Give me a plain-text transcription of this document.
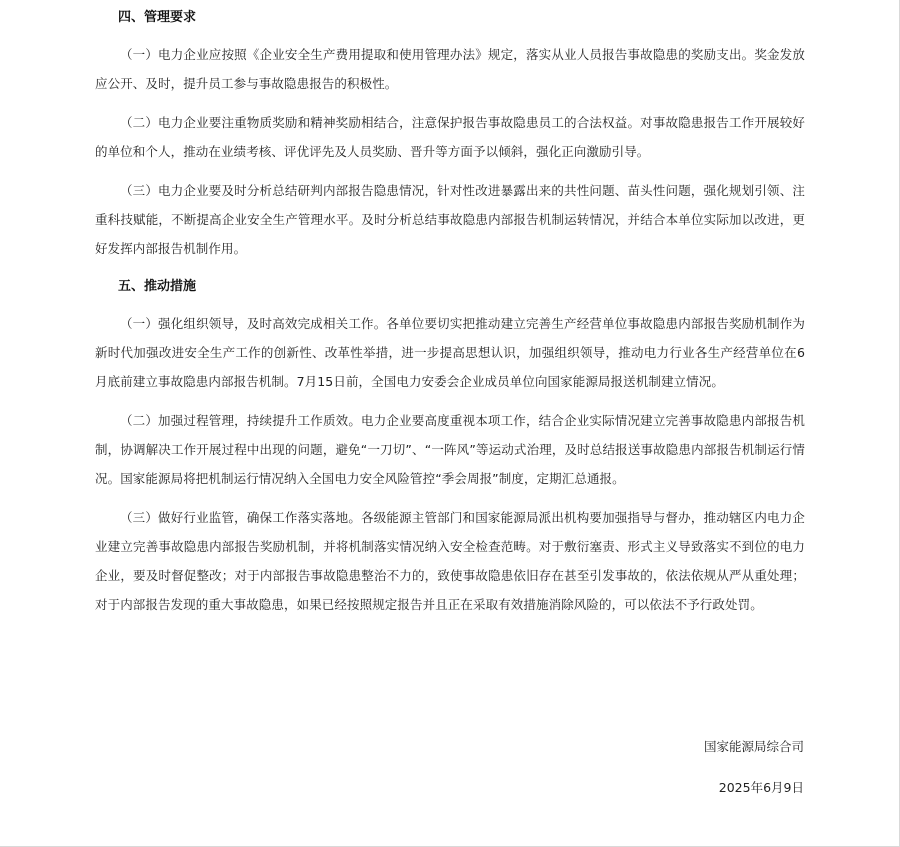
四、管理要求

（一）电力企业应按照《企业安全生产费用提取和使用管理办法》规定，落实从业人员报告事故隐患的奖励支出。奖金发放应公开、及时，提升员工参与事故隐患报告的积极性。

（二）电力企业要注重物质奖励和精神奖励相结合，注意保护报告事故隐患员工的合法权益。对事故隐患报告工作开展较好的单位和个人，推动在业绩考核、评优评先及人员奖励、晋升等方面予以倾斜，强化正向激励引导。

（三）电力企业要及时分析总结研判内部报告隐患情况，针对性改进暴露出来的共性问题、苗头性问题，强化规划引领、注重科技赋能，不断提高企业安全生产管理水平。及时分析总结事故隐患内部报告机制运转情况，并结合本单位实际加以改进，更好发挥内部报告机制作用。

五、推动措施

（一）强化组织领导，及时高效完成相关工作。各单位要切实把推动建立完善生产经营单位事故隐患内部报告奖励机制作为新时代加强改进安全生产工作的创新性、改革性举措，进一步提高思想认识，加强组织领导，推动电力行业各生产经营单位在6月底前建立事故隐患内部报告机制。7月15日前，全国电力安委会企业成员单位向国家能源局报送机制建立情况。

（二）加强过程管理，持续提升工作质效。电力企业要高度重视本项工作，结合企业实际情况建立完善事故隐患内部报告机制，协调解决工作开展过程中出现的问题，避免“一刀切”、“一阵风”等运动式治理，及时总结报送事故隐患内部报告机制运行情况。国家能源局将把机制运行情况纳入全国电力安全风险管控“季会周报”制度，定期汇总通报。

（三）做好行业监管，确保工作落实落地。各级能源主管部门和国家能源局派出机构要加强指导与督办，推动辖区内电力企业建立完善事故隐患内部报告奖励机制，并将机制落实情况纳入安全检查范畴。对于敷衍塞责、形式主义导致落实不到位的电力企业，要及时督促整改；对于内部报告事故隐患整治不力的，致使事故隐患依旧存在甚至引发事故的，依法依规从严从重处理；对于内部报告发现的重大事故隐患，如果已经按照规定报告并且正在采取有效措施消除风险的，可以依法不予行政处罚。

国家能源局综合司
2025年6月9日
